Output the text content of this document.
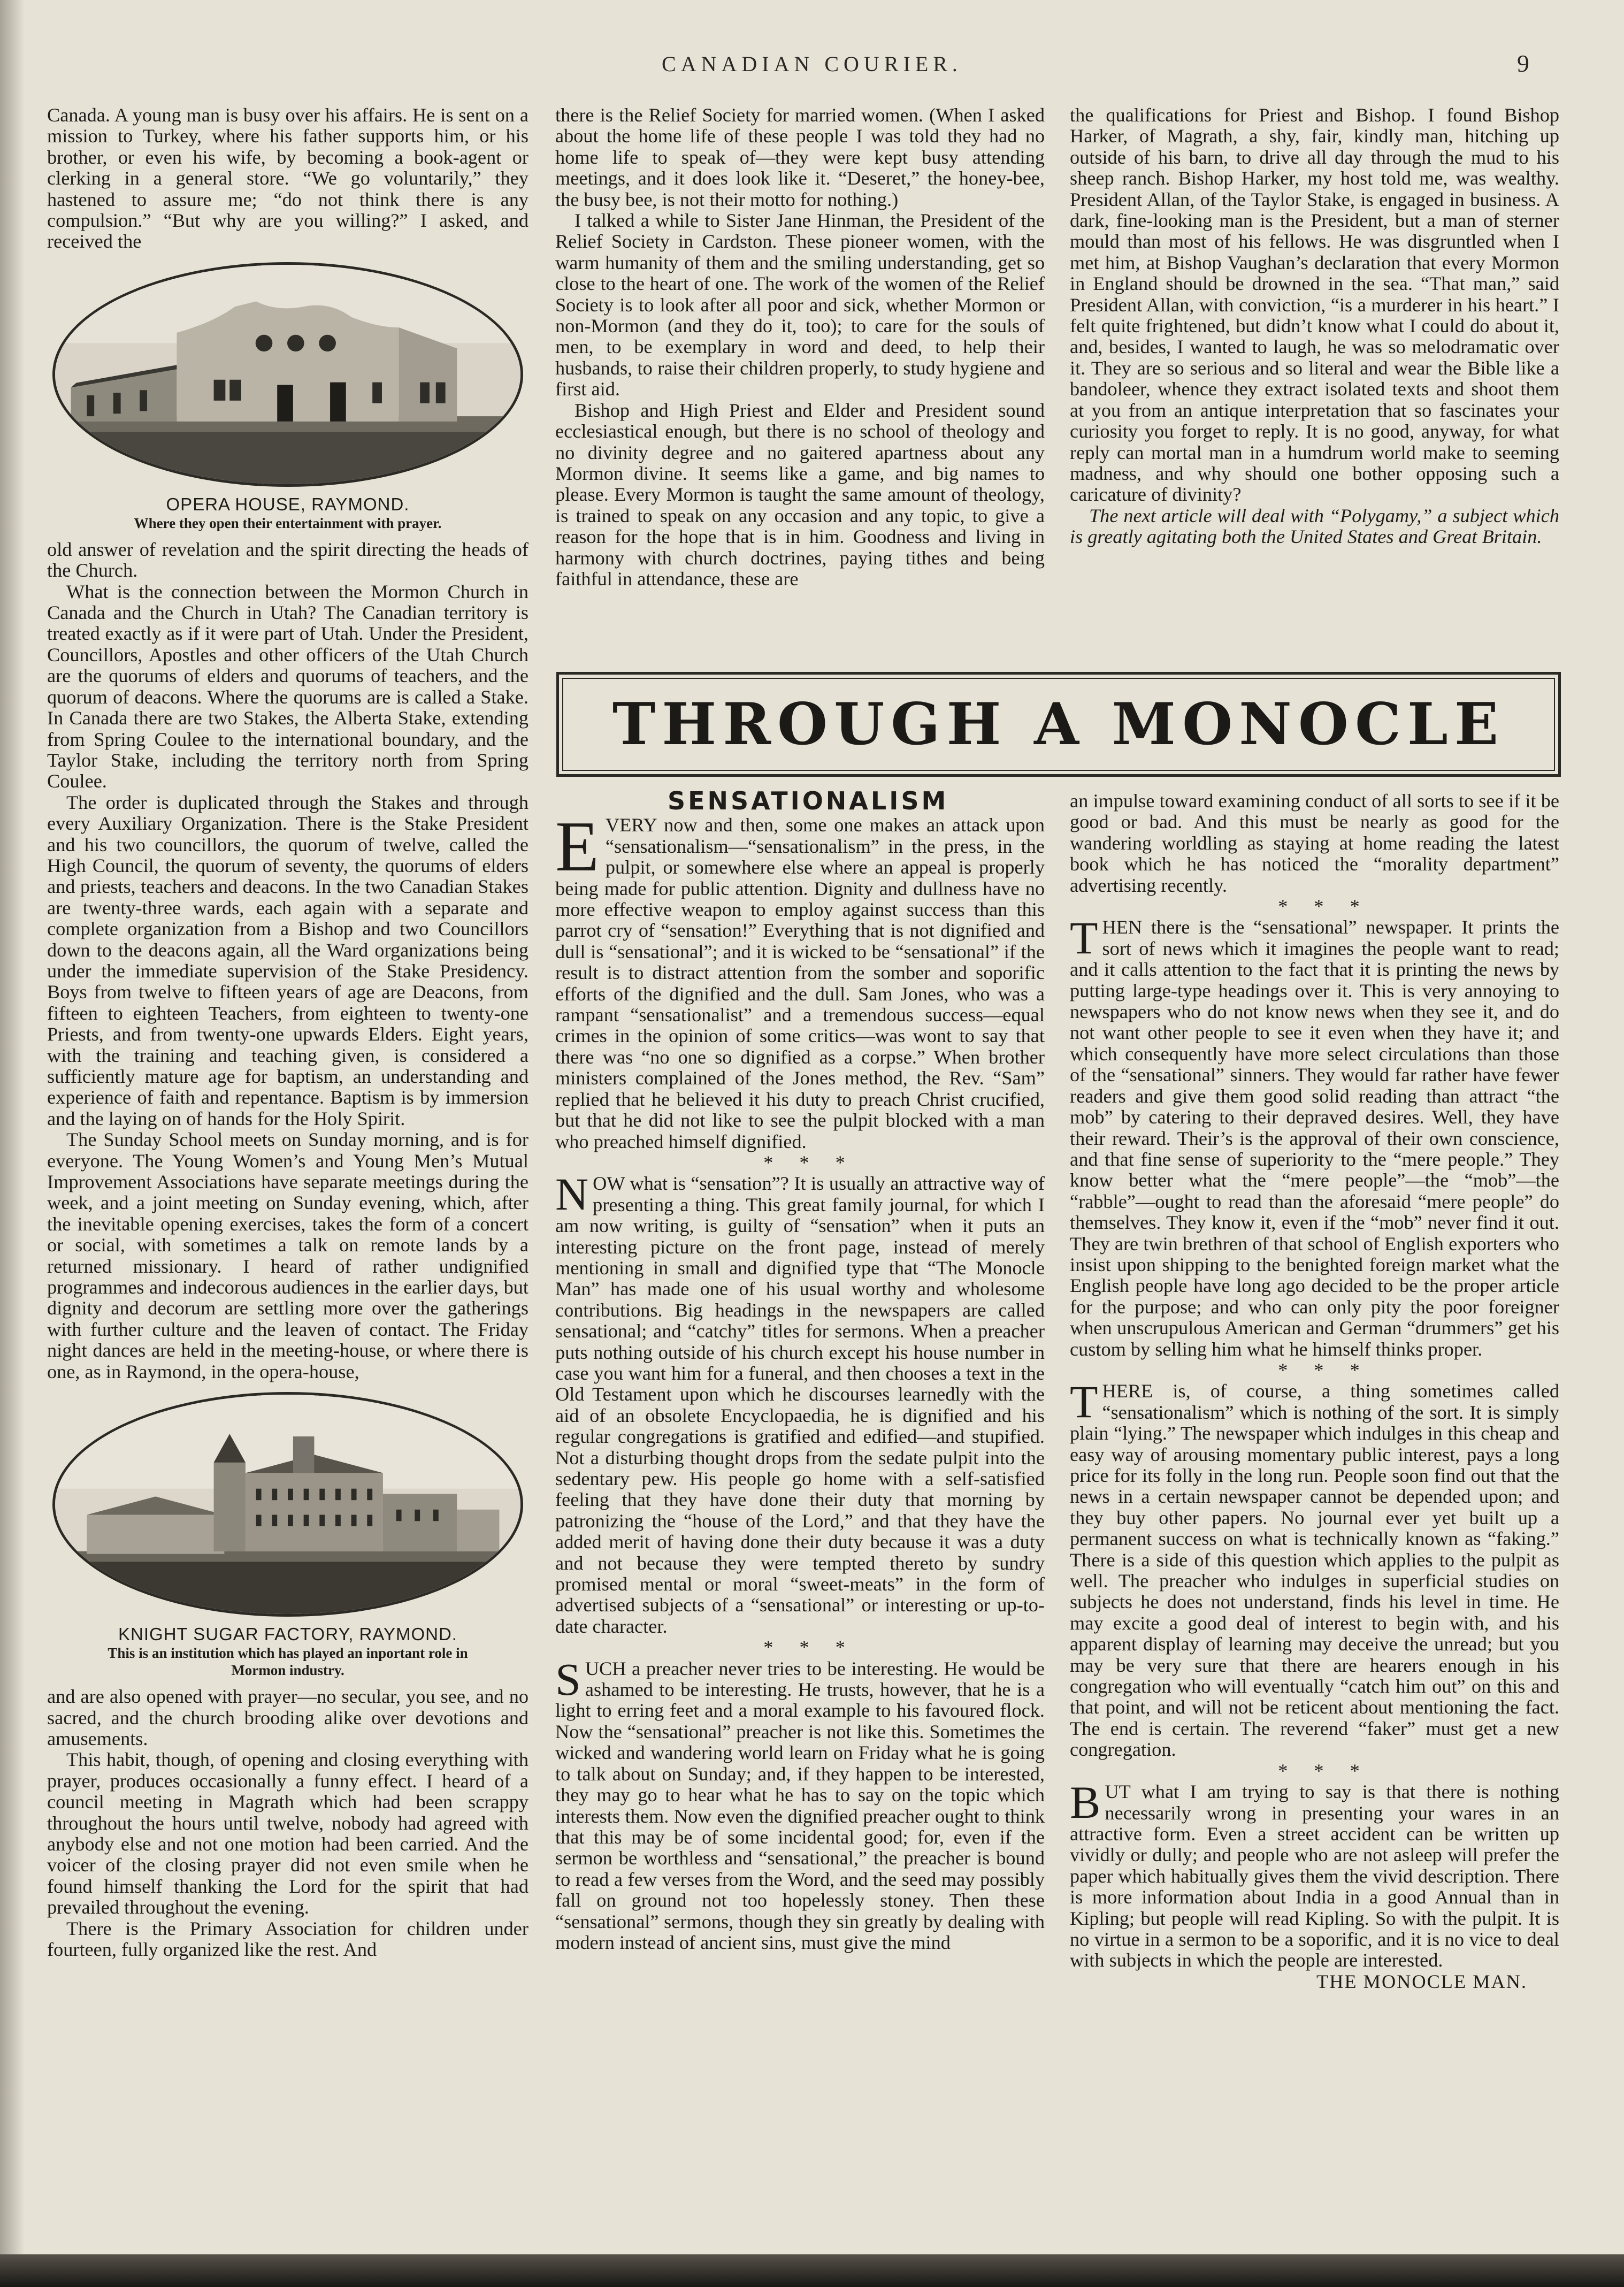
CANADIAN COURIER.	9

Canada. A young man is busy over his affairs. He is sent on a mission to Turkey, where his father supports him, or his brother, or even his wife, by becoming a book-agent or clerking in a general store. “We go voluntarily,” they hastened to assure me; “do not think there is any compulsion.” “But why are you willing?” I asked, and received the

OPERA HOUSE, RAYMOND.
Where they open their entertainment with prayer.

old answer of revelation and the spirit directing the heads of the Church.

What is the connection between the Mormon Church in Canada and the Church in Utah? The Canadian territory is treated exactly as if it were part of Utah. Under the President, Councillors, Apostles and other officers of the Utah Church are the quorums of elders and quorums of teachers, and the quorum of deacons. Where the quorums are is called a Stake. In Canada there are two Stakes, the Alberta Stake, extending from Spring Coulee to the international boundary, and the Taylor Stake, including the territory north from Spring Coulee.

The order is duplicated through the Stakes and through every Auxiliary Organization. There is the Stake President and his two councillors, the quorum of twelve, called the High Council, the quorum of seventy, the quorums of elders and priests, teachers and deacons. In the two Canadian Stakes are twenty-three wards, each again with a separate and complete organization from a Bishop and two Councillors down to the deacons again, all the Ward organizations being under the immediate supervision of the Stake Presidency. Boys from twelve to fifteen years of age are Deacons, from fifteen to eighteen Teachers, from eighteen to twenty-one Priests, and from twenty-one upwards Elders. Eight years, with the training and teaching given, is considered a sufficiently mature age for baptism, an understanding and experience of faith and repentance. Baptism is by immersion and the laying on of hands for the Holy Spirit.

The Sunday School meets on Sunday morning, and is for everyone. The Young Women’s and Young Men’s Mutual Improvement Associations have separate meetings during the week, and a joint meeting on Sunday evening, which, after the inevitable opening exercises, takes the form of a concert or social, with sometimes a talk on remote lands by a returned missionary. I heard of rather undignified programmes and indecorous audiences in the earlier days, but dignity and decorum are settling more over the gatherings with further culture and the leaven of contact. The Friday night dances are held in the meeting-house, or where there is one, as in Raymond, in the opera-house,

KNIGHT SUGAR FACTORY, RAYMOND.
This is an institution which has played an inportant role in Mormon industry.

and are also opened with prayer—no secular, you see, and no sacred, and the church brooding alike over devotions and amusements.

This habit, though, of opening and closing everything with prayer, produces occasionally a funny effect. I heard of a council meeting in Magrath which had been scrappy throughout the hours until twelve, nobody had agreed with anybody else and not one motion had been carried. And the voicer of the closing prayer did not even smile when he found himself thanking the Lord for the spirit that had prevailed throughout the evening.

There is the Primary Association for children under fourteen, fully organized like the rest. And

there is the Relief Society for married women. (When I asked about the home life of these people I was told they had no home life to speak of—they were kept busy attending meetings, and it does look like it. “Deseret,” the honey-bee, the busy bee, is not their motto for nothing.)

I talked a while to Sister Jane Hinman, the President of the Relief Society in Cardston. These pioneer women, with the warm humanity of them and the smiling understanding, get so close to the heart of one. The work of the women of the Relief Society is to look after all poor and sick, whether Mormon or non-Mormon (and they do it, too); to care for the souls of men, to be exemplary in word and deed, to help their husbands, to raise their children properly, to study hygiene and first aid.

Bishop and High Priest and Elder and President sound ecclesiastical enough, but there is no school of theology and no divinity degree and no gaitered apartness about any Mormon divine. It seems like a game, and big names to please. Every Mormon is taught the same amount of theology, is trained to speak on any occasion and any topic, to give a reason for the hope that is in him. Goodness and living in harmony with church doctrines, paying tithes and being faithful in attendance, these are

the qualifications for Priest and Bishop. I found Bishop Harker, of Magrath, a shy, fair, kindly man, hitching up outside of his barn, to drive all day through the mud to his sheep ranch. Bishop Harker, my host told me, was wealthy. President Allan, of the Taylor Stake, is engaged in business. A dark, fine-looking man is the President, but a man of sterner mould than most of his fellows. He was disgruntled when I met him, at Bishop Vaughan’s declaration that every Mormon in England should be drowned in the sea. “That man,” said President Allan, with conviction, “is a murderer in his heart.” I felt quite frightened, but didn’t know what I could do about it, and, besides, I wanted to laugh, he was so melodramatic over it. They are so serious and so literal and wear the Bible like a bandoleer, whence they extract isolated texts and shoot them at you from an antique interpretation that so fascinates your curiosity you forget to reply. It is no good, anyway, for what reply can mortal man in a humdrum world make to seeming madness, and why should one bother opposing such a caricature of divinity?

The next article will deal with “Polygamy,” a subject which is greatly agitating both the United States and Great Britain.

THROUGH A MONOCLE
SENSATIONALISM

EVERY now and then, some one makes an attack upon “sensationalism—“sensationalism” in the press, in the pulpit, or somewhere else where an appeal is properly being made for public attention. Dignity and dullness have no more effective weapon to employ against success than this parrot cry of “sensation!” Everything that is not dignified and dull is “sensational”; and it is wicked to be “sensational” if the result is to distract attention from the somber and soporific efforts of the dignified and the dull. Sam Jones, who was a rampant “sensationalist” and a tremendous success—equal crimes in the opinion of some critics—was wont to say that there was “no one so dignified as a corpse.” When brother ministers complained of the Jones method, the Rev. “Sam” replied that he believed it his duty to preach Christ crucified, but that he did not like to see the pulpit blocked with a man who preached himself dignified.

* * *

NOW what is “sensation”? It is usually an attractive way of presenting a thing. This great family journal, for which I am now writing, is guilty of “sensation” when it puts an interesting picture on the front page, instead of merely mentioning in small and dignified type that “The Monocle Man” has made one of his usual worthy and wholesome contributions. Big headings in the newspapers are called sensational; and “catchy” titles for sermons. When a preacher puts nothing outside of his church except his house number in case you want him for a funeral, and then chooses a text in the Old Testament upon which he discourses learnedly with the aid of an obsolete Encyclopaedia, he is dignified and his regular congregations is gratified and edified—and stupified. Not a disturbing thought drops from the sedate pulpit into the sedentary pew. His people go home with a self-satisfied feeling that they have done their duty that morning by patronizing the “house of the Lord,” and that they have the added merit of having done their duty because it was a duty and not because they were tempted thereto by sundry promised mental or moral “sweet-meats” in the form of advertised subjects of a “sensational” or interesting or up-to-date character.

* * *

SUCH a preacher never tries to be interesting. He would be ashamed to be interesting. He trusts, however, that he is a light to erring feet and a moral example to his favoured flock. Now the “sensational” preacher is not like this. Sometimes the wicked and wandering world learn on Friday what he is going to talk about on Sunday; and, if they happen to be interested, they may go to hear what he has to say on the topic which interests them. Now even the dignified preacher ought to think that this may be of some incidental good; for, even if the sermon be worthless and “sensational,” the preacher is bound to read a few verses from the Word, and the seed may possibly fall on ground not too hopelessly stoney. Then these “sensational” sermons, though they sin greatly by dealing with modern instead of ancient sins, must give the mind

an impulse toward examining conduct of all sorts to see if it be good or bad. And this must be nearly as good for the wandering worldling as staying at home reading the latest book which he has noticed the “morality department” advertising recently.

* * *

THEN there is the “sensational” newspaper. It prints the sort of news which it imagines the people want to read; and it calls attention to the fact that it is printing the news by putting large-type headings over it. This is very annoying to newspapers who do not know news when they see it, and do not want other people to see it even when they have it; and which consequently have more select circulations than those of the “sensational” sinners. They would far rather have fewer readers and give them good solid reading than attract “the mob” by catering to their depraved desires. Well, they have their reward. Their’s is the approval of their own conscience, and that fine sense of superiority to the “mere people.” They know better what the “mere people”—the “mob”—the “rabble”—ought to read than the aforesaid “mere people” do themselves. They know it, even if the “mob” never find it out. They are twin brethren of that school of English exporters who insist upon shipping to the benighted foreign market what the English people have long ago decided to be the proper article for the purpose; and who can only pity the poor foreigner when unscrupulous American and German “drummers” get his custom by selling him what he himself thinks proper.

* * *

THERE is, of course, a thing sometimes called “sensationalism” which is nothing of the sort. It is simply plain “lying.” The newspaper which indulges in this cheap and easy way of arousing momentary public interest, pays a long price for its folly in the long run. People soon find out that the news in a certain newspaper cannot be depended upon; and they buy other papers. No journal ever yet built up a permanent success on what is technically known as “faking.” There is a side of this question which applies to the pulpit as well. The preacher who indulges in superficial studies on subjects he does not understand, finds his level in time. He may excite a good deal of interest to begin with, and his apparent display of learning may deceive the unread; but you may be very sure that there are hearers enough in his congregation who will eventually “catch him out” on this and that point, and will not be reticent about mentioning the fact. The end is certain. The reverend “faker” must get a new congregation.

* * *

BUT what I am trying to say is that there is nothing necessarily wrong in presenting your wares in an attractive form. Even a street accident can be written up vividly or dully; and people who are not asleep will prefer the paper which habitually gives them the vivid description. There is more information about India in a good Annual than in Kipling; but people will read Kipling. So with the pulpit. It is no virtue in a sermon to be a soporific, and it is no vice to deal with subjects in which the people are interested.

THE MONOCLE MAN.
